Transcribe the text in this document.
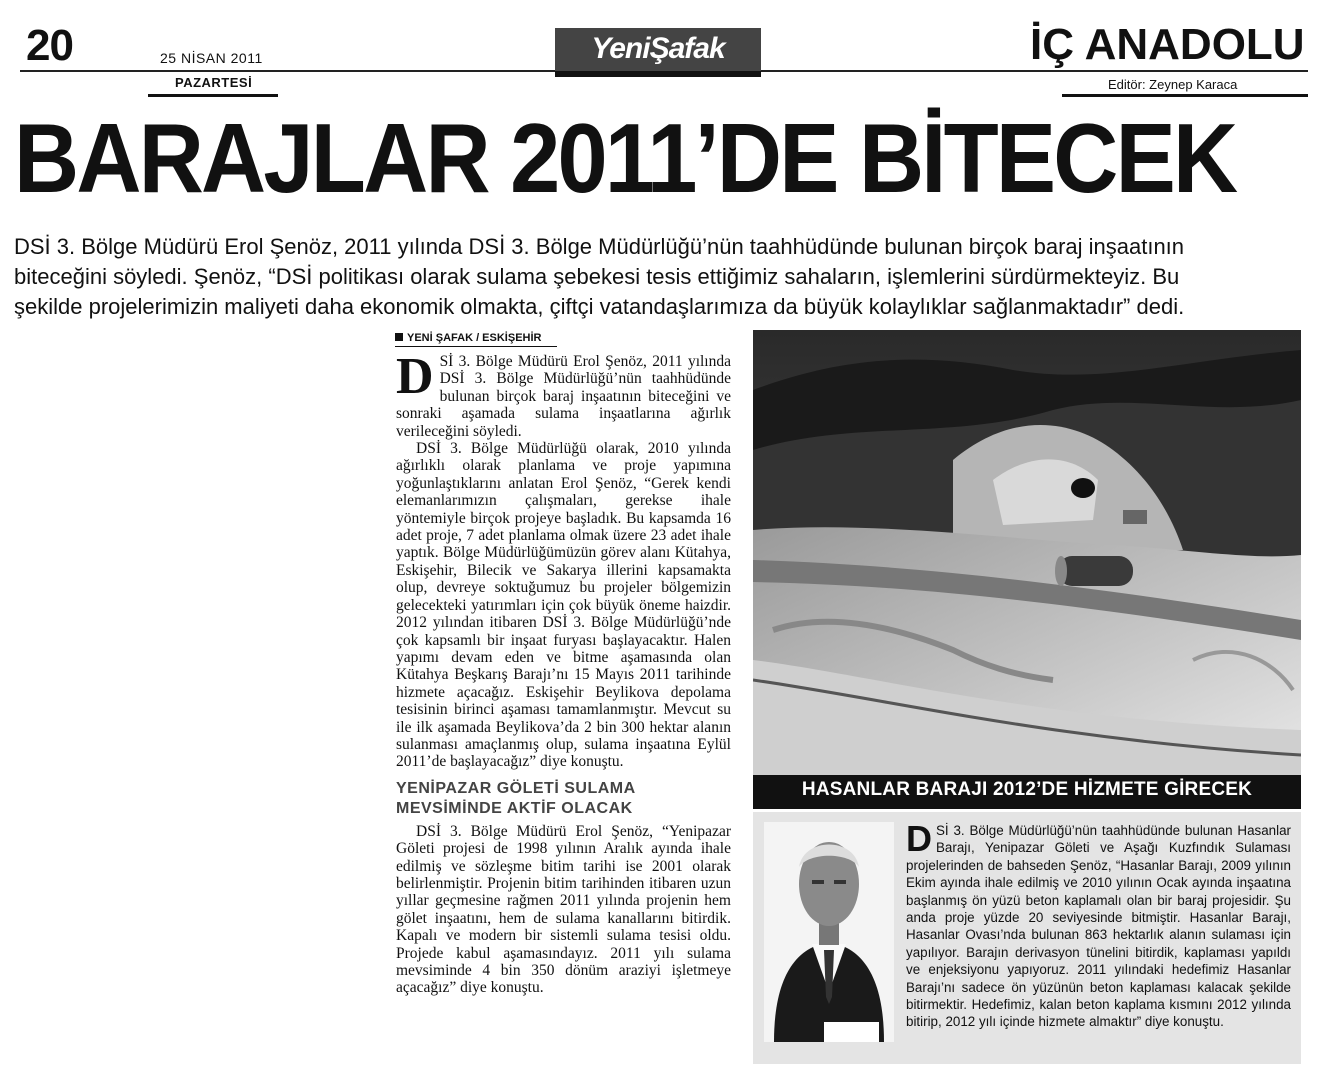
20	25 NİSAN 2011
PAZARTESİ
YeniŞafak	İÇ ANADOLU
Editör: Zeynep Karaca
BARAJLAR 2011’DE BİTECEK

DSİ 3. Bölge Müdürü Erol Şenöz, 2011 yılında DSİ 3. Bölge Müdürlüğü’nün taahhüdünde bulunan birçok baraj inşaatının

biteceğini söyledi. Şenöz, “DSİ politikası olarak sulama şebekesi tesis ettiğimiz sahaların, işlemlerini sürdürmekteyiz. Bu

şekilde projelerimizin maliyeti daha ekonomik olmakta, çiftçi vatandaşlarımıza da büyük kolaylıklar sağlanmaktadır” dedi.

YENİ ŞAFAK / ESKİŞEHİR

DSİ 3. Bölge Müdürü Erol Şenöz, 2011 yılında DSİ 3. Bölge Müdürlüğü’nün taahhüdünde bulunan birçok baraj inşaatının biteceğini ve sonraki aşamada sulama inşaatlarına ağırlık verileceğini söyledi.

DSİ 3. Bölge Müdürlüğü olarak, 2010 yılında ağırlıklı olarak planlama ve proje yapımına yoğunlaştıklarını anlatan Erol Şenöz, “Gerek kendi elemanlarımızın çalışmaları, gerekse ihale yöntemiyle birçok projeye başladık. Bu kapsamda 16 adet proje, 7 adet planlama olmak üzere 23 adet ihale yaptık. Bölge Müdürlüğümüzün görev alanı Kütahya, Eskişehir, Bilecik ve Sakarya illerini kapsamakta olup, devreye soktuğumuz bu projeler bölgemizin gelecekteki yatırımları için çok büyük öneme haizdir. 2012 yılından itibaren DSİ 3. Bölge Müdürlüğü’nde çok kapsamlı bir inşaat furyası başlayacaktır. Halen yapımı devam eden ve bitme aşamasında olan Kütahya Beşkarış Barajı’nı 15 Mayıs 2011 tarihinde hizmete açacağız. Eskişehir Beylikova depolama tesisinin birinci aşaması tamamlanmıştır. Mevcut su ile ilk aşamada Beylikova’da 2 bin 300 hektar alanın sulanması amaçlanmış olup, sulama inşaatına Eylül 2011’de başlayacağız” diye konuştu.

YENİPAZAR GÖLETİ SULAMA MEVSİMİNDE AKTİF OLACAK

DSİ 3. Bölge Müdürü Erol Şenöz, “Yenipazar Göleti projesi de 1998 yılının Aralık ayında ihale edilmiş ve sözleşme bitim tarihi ise 2001 olarak belirlenmiştir. Projenin bitim tarihinden itibaren uzun yıllar geçmesine rağmen 2011 yılında projenin hem gölet inşaatını, hem de sulama kanallarını bitirdik. Kapalı ve modern bir sistemli sulama tesisi oldu. Projede kabul aşamasındayız. 2011 yılı sulama mevsiminde 4 bin 350 dönüm araziyi işletmeye açacağız” diye konuştu.

HASANLAR BARAJI 2012’DE HİZMETE GİRECEK
DSİ 3. Bölge Müdürlüğü’nün taahhüdünde bulunan Hasanlar Barajı, Yenipazar Göleti ve Aşağı Kuzfındık Sulaması projelerinden de bahseden Şenöz, “Hasanlar Barajı, 2009 yılının Ekim ayında ihale edilmiş ve 2010 yılının Ocak ayında inşaatına başlanmış ön yüzü beton kaplamalı olan bir baraj projesidir. Şu anda proje yüzde 20 seviyesinde bitmiştir. Hasanlar Barajı, Hasanlar Ovası’nda bulunan 863 hektarlık alanın sulaması için yapılıyor. Barajın derivasyon tünelini bitirdik, kaplaması yapıldı ve enjeksiyonu yapıyoruz. 2011 yılındaki hedefimiz Hasanlar Barajı’nı sadece ön yüzünün beton kaplaması kalacak şekilde bitirmektir. Hedefimiz, kalan beton kaplama kısmını 2012 yılında bitirip, 2012 yılı içinde hizmete almaktır” diye konuştu.
